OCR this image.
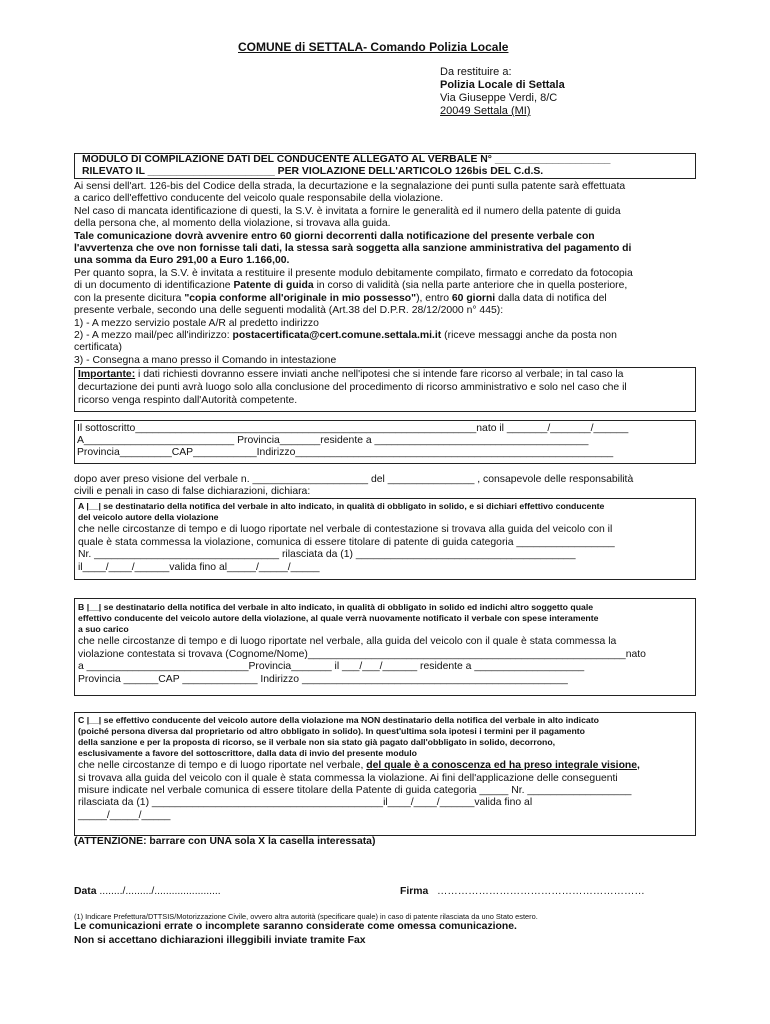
COMUNE di SETTALA- Comando Polizia Locale
Da restituire a:
Polizia Locale di Settala
Via Giuseppe Verdi, 8/C
20049 Settala (MI)
MODULO DI COMPILAZIONE DATI DEL CONDUCENTE ALLEGATO AL VERBALE N° ____________________
RILEVATO IL ______________________ PER VIOLAZIONE DELL'ARTICOLO 126bis DEL C.d.S.
Ai sensi dell'art. 126-bis del Codice della strada, la decurtazione e la segnalazione dei punti sulla patente sarà effettuata
a carico dell'effettivo conducente del veicolo quale responsabile della violazione.
Nel caso di mancata identificazione di questi, la S.V. è invitata a fornire le generalità ed il numero della patente di guida
della persona che, al momento della violazione, si trovava alla guida.
Tale comunicazione dovrà avvenire entro 60 giorni decorrenti dalla notificazione del presente verbale con
l'avvertenza che ove non fornisse tali dati, la stessa sarà soggetta alla sanzione amministrativa del pagamento di
una somma da Euro 291,00 a Euro 1.166,00.
Per quanto sopra, la S.V. è invitata a restituire il presente modulo debitamente compilato, firmato e corredato da fotocopia
di un documento di identificazione Patente di guida in corso di validità (sia nella parte anteriore che in quella posteriore,
con la presente dicitura "copia conforme all'originale in mio possesso"), entro 60 giorni dalla data di notifica del
presente verbale, secondo una delle seguenti modalità (Art.38 del D.P.R. 28/12/2000 n° 445):
1) - A mezzo servizio postale A/R al predetto indirizzo
2) - A mezzo mail/pec all'indirizzo: postacertificata@cert.comune.settala.mi.it (riceve messaggi anche da posta non
certificata)
3) - Consegna a mano presso il Comando in intestazione
Importante: i dati richiesti dovranno essere inviati anche nell'ipotesi che si intende fare ricorso al verbale; in tal caso la
decurtazione dei punti avrà luogo solo alla conclusione del procedimento di ricorso amministrativo e solo nel caso che il
ricorso venga respinto dall'Autorità competente.
Il sottoscritto___________________________________________________________nato il _______/_______/______
A__________________________ Provincia_______residente a _____________________________________
Provincia_________CAP___________Indirizzo_______________________________________________________
dopo aver preso visione del verbale n. ____________________ del _______________ , consapevole delle responsabilità
civili e penali in caso di false dichiarazioni, dichiara:
A |__| se destinatario della notifica del verbale in alto indicato, in qualità di obbligato in solido, e si dichiari effettivo conducente
del veicolo autore della violazione
che nelle circostanze di tempo e di luogo riportate nel verbale di contestazione si trovava alla guida del veicolo con il
quale è stata commessa la violazione, comunica di essere titolare di patente di guida categoria _________________
Nr. ________________________________ rilasciata da (1) ______________________________________
il____/____/______valida fino al_____/_____/_____
B |__| se destinatario della notifica del verbale in alto indicato, in qualità di obbligato in solido ed indichi altro soggetto quale
effettivo conducente del veicolo autore della violazione, al quale verrà nuovamente notificato il verbale con spese interamente
a suo carico
che nelle circostanze di tempo e di luogo riportate nel verbale, alla guida del veicolo con il quale è stata commessa la
violazione contestata si trovava (Cognome/Nome)_______________________________________________________nato
a ____________________________Provincia_______ il ___/___/______ residente a ___________________
Provincia ______CAP _____________ Indirizzo ______________________________________________
C |__| se effettivo conducente del veicolo autore della violazione ma NON destinatario della notifica del verbale in alto indicato
(poiché persona diversa dal proprietario od altro obbligato in solido). In quest'ultima sola ipotesi i termini per il pagamento
della sanzione e per la proposta di ricorso, se il verbale non sia stato già pagato dall'obbligato in solido, decorrono,
esclusivamente a favore del sottoscrittore, dalla data di invio del presente modulo
che nelle circostanze di tempo e di luogo riportate nel verbale, del quale è a conoscenza ed ha preso integrale visione,
si trovava alla guida del veicolo con il quale è stata commessa la violazione. Ai fini dell'applicazione delle conseguenti
misure indicate nel verbale comunica di essere titolare della Patente di guida categoria _____ Nr. __________________
rilasciata da (1) ________________________________________il____/____/______valida fino al
_____/_____/_____
(ATTENZIONE: barrare con UNA sola X la casella interessata)
Data ......../........./.......................	Firma ……………………………………………………
(1) Indicare Prefettura/DTTSIS/Motorizzazione Civile, ovvero altra autorità (specificare quale) in caso di patente rilasciata da uno Stato estero.
Le comunicazioni errate o incomplete saranno considerate come omessa comunicazione.
Non si accettano dichiarazioni illeggibili inviate tramite Fax
